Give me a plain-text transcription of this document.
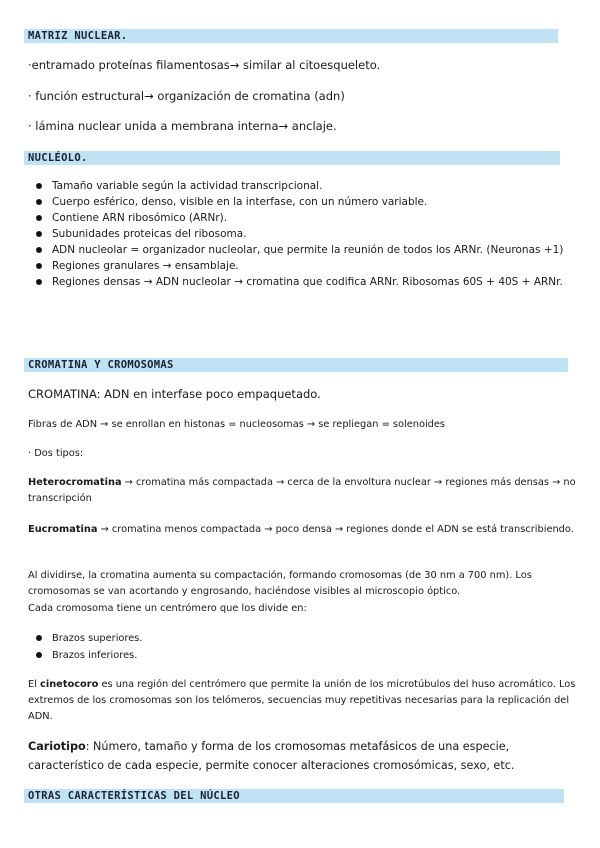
MATRIZ NUCLEAR.
·entramado proteínas filamentosas→ similar al citoesqueleto.
· función estructural→ organización de cromatina (adn)
· lámina nuclear unida a membrana interna→ anclaje.
NUCLÉOLO.
Tamaño variable según la actividad transcripcional.
Cuerpo esférico, denso, visible en la interfase, con un número variable.
Contiene ARN ribosómico (ARNr).
Subunidades proteicas del ribosoma.
ADN nucleolar = organizador nucleolar, que permite la reunión de todos los ARNr. (Neuronas +1)
Regiones granulares → ensamblaje.
Regiones densas → ADN nucleolar → cromatina que codifica ARNr. Ribosomas 60S + 40S + ARNr.
CROMATINA Y CROMOSOMAS
CROMATINA: ADN en interfase poco empaquetado.
Fibras de ADN → se enrollan en histonas = nucleosomas → se repliegan = solenoides
· Dos tipos:
Heterocromatina → cromatina más compactada → cerca de la envoltura nuclear → regiones más densas → no transcripción
Eucromatina → cromatina menos compactada → poco densa → regiones donde el ADN se está transcribiendo.
Al dividirse, la cromatina aumenta su compactación, formando cromosomas (de 30 nm a 700 nm). Los cromosomas se van acortando y engrosando, haciéndose visibles al microscopio óptico.
Cada cromosoma tiene un centrómero que los divide en:
Brazos superiores.
Brazos inferiores.
El cinetocoro es una región del centrómero que permite la unión de los microtúbulos del huso acromático. Los extremos de los cromosomas son los telómeros, secuencias muy repetitivas necesarias para la replicación del ADN.
Cariotipo: Número, tamaño y forma de los cromosomas metafásicos de una especie, característico de cada especie, permite conocer alteraciones cromosómicas, sexo, etc.
OTRAS CARACTERÍSTICAS DEL NÚCLEO
